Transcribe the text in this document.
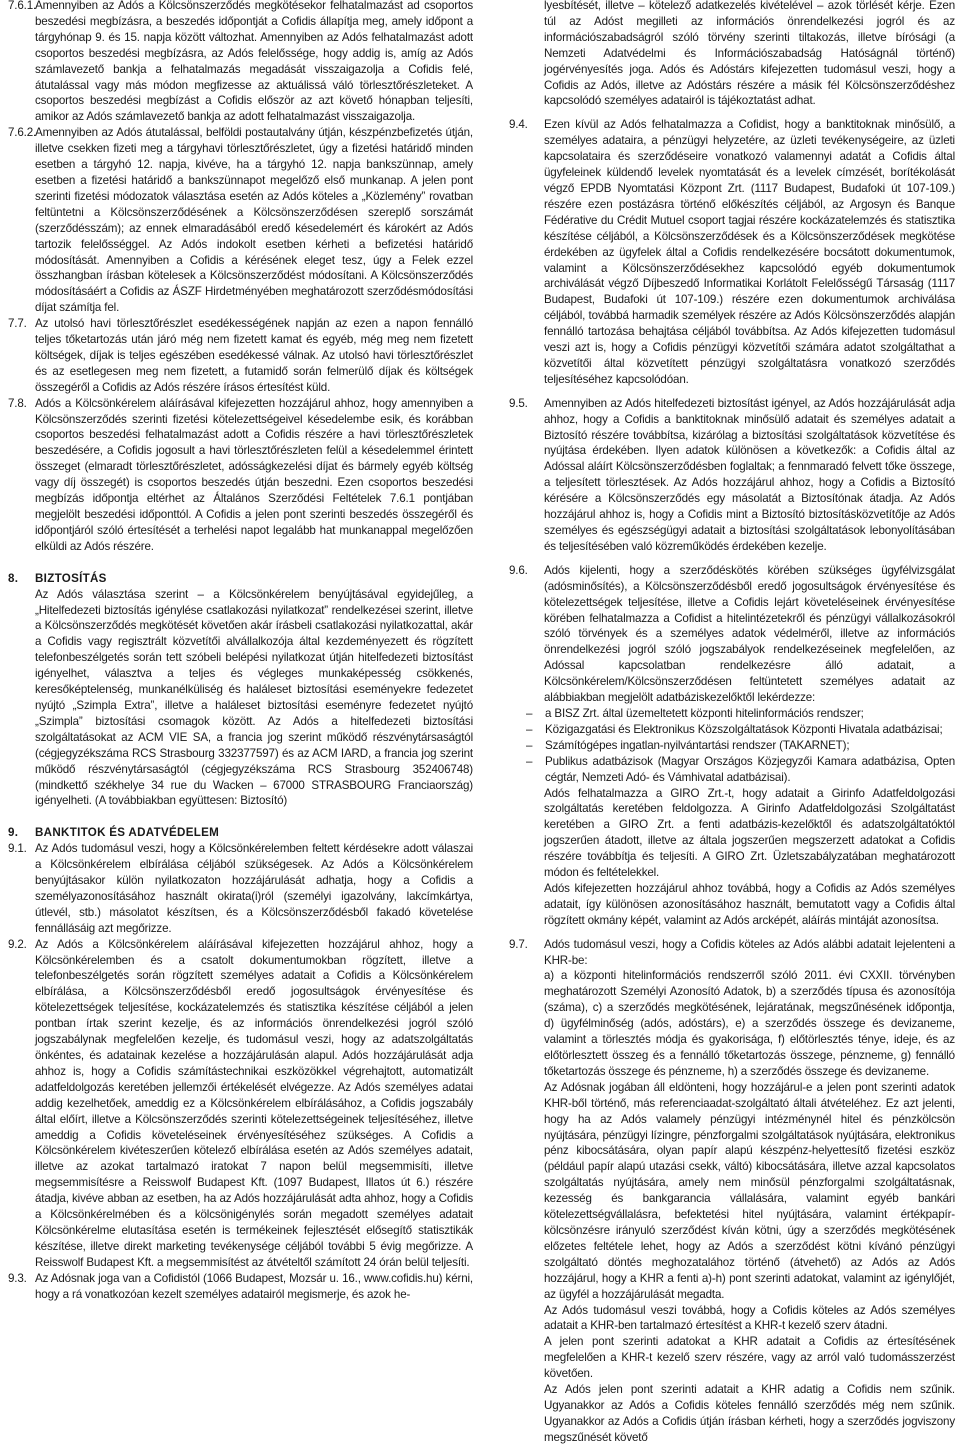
7.6.1.
Amennyiben az Adós a Kölcsönszerződés megkötésekor felhatalmazást ad csoportos beszedési megbízásra, a beszedés időpontját a Cofidis állapítja meg, amely időpont a tárgyhónap 9. és 15. napja között változhat. Amennyiben az Adós felhatalmazást adott csoportos beszedési megbízásra, az Adós felelőssége, hogy addig is, amíg az Adós számlavezető bankja a felhatalmazás megadását visszaigazolja a Cofidis felé, átutalással vagy más módon megfizesse az aktuálissá váló törlesztőrészleteket. A csoportos beszedési megbízást a Cofidis először az azt követő hónapban teljesíti, amikor az Adós számlavezető bankja az adott felhatalmazást visszaigazolja.
7.6.2.
Amennyiben az Adós átutalással, belföldi postautalvány útján, készpénzbefizetés útján, illetve csekken fizeti meg a tárgyhavi törlesztőrészletet, úgy a fizetési határidő minden esetben a tárgyhó 12. napja, kivéve, ha a tárgyhó 12. napja bankszünnap, amely esetben a fizetési határidő a bankszünnapot megelőző első munkanap. A jelen pont szerinti fizetési módozatok választása esetén az Adós köteles a „Közlemény” rovatban feltüntetni a Kölcsönszerződésének a Kölcsönszerződésen szereplő sorszámát (szerződésszám); az ennek elmaradásából eredő késedelemért és károkért az Adós tartozik felelősséggel. Az Adós indokolt esetben kérheti a befizetési határidő módosítását. Amennyiben a Cofidis a kérésének eleget tesz, úgy a Felek ezzel összhangban írásban kötelesek a Kölcsönszerződést módosítani. A Kölcsönszerződés módosításáért a Cofidis az ÁSZF Hirdetményében meghatározott szerződésmódosítási díjat számítja fel.
7.7. Az utolsó havi törlesztőrészlet esedékességének napján az ezen a napon fennálló teljes tőketartozás után járó még nem fizetett kamat és egyéb, még meg nem fizetett költségek, díjak is teljes egészében esedékessé válnak. Az utolsó havi törlesztőrészlet és az esetlegesen meg nem fizetett, a futamidő során felmerülő díjak és költségek összegéről a Cofidis az Adós részére írásos értesítést küld.
7.8. Adós a Kölcsönkérelem aláírásával kifejezetten hozzájárul ahhoz, hogy amennyiben a Kölcsönszerződés szerinti fizetési kötelezettségeivel késedelembe esik, és korábban csoportos beszedési felhatalmazást adott a Cofidis részére a havi törlesztőrészletek beszedésére, a Cofidis jogosult a havi törlesztőrészleten felül a késedelemmel érintett összeget (elmaradt törlesztőrészletet, adósságkezelési díjat és bármely egyéb költség vagy díj összegét) is csoportos beszedés útján beszedni. Ezen csoportos beszedési megbízás időpontja eltérhet az Általános Szerződési Feltételek 7.6.1 pontjában megjelölt beszedési időponttól. A Cofidis a jelen pont szerinti beszedés összegéről és időpontjáról szóló értesítését a terhelési napot legalább hat munkanappal megelőzően elküldi az Adós részére.
8. BIZTOSÍTÁS
Az Adós választása szerint – a Kölcsönkérelem benyújtásával egyidejűleg, a „Hitelfedezeti biztosítás igénylése csatlakozási nyilatkozat” rendelkezései szerint, illetve a Kölcsönszerződés megkötését követően akár írásbeli csatlakozási nyilatkozattal, akár a Cofidis vagy regisztrált közvetítői alvállalkozója által kezdeményezett és rögzített telefonbeszélgetés során tett szóbeli belépési nyilatkozat útján hitelfedezeti biztosítást igényelhet, választva a teljes és végleges munkaképesség csökkenés, keresőképtelenség, munkanélküliség és haláleset biztosítási eseményekre fedezetet nyújtó „Szimpla Extra”, illetve a haláleset biztosítási eseményre fedezetet nyújtó „Szimpla” biztosítási csomagok között. Az Adós a hitelfedezeti biztosítási szolgáltatásokat az ACM VIE SA, a francia jog szerint működő részvénytársaságtól (cégjegyzékszáma RCS Strasbourg 332377597) és az ACM IARD, a francia jog szerint működő részvénytársaságtól (cégjegyzékszáma RCS Strasbourg 352406748) (mindkettő székhelye 34 rue du Wacken – 67000 STRASBOURG Franciaország) igényelheti. (A továbbiakban együttesen: Biztosító)
9. BANKTITOK ÉS ADATVÉDELEM
9.1. Az Adós tudomásul veszi, hogy a Kölcsönkérelemben feltett kérdésekre adott válaszai a Kölcsönkérelem elbírálása céljából szükségesek. Az Adós a Kölcsönkérelem benyújtásakor külön nyilatkozaton hozzájárulását adhatja, hogy a Cofidis a személyazonosításához használt okirata(i)ról (személyi igazolvány, lakcímkártya, útlevél, stb.) másolatot készítsen, és a Kölcsönszerződésből fakadó követelése fennállásáig azt megőrizze.
9.2. Az Adós a Kölcsönkérelem aláírásával kifejezetten hozzájárul ahhoz, hogy a Kölcsönkérelemben és a csatolt dokumentumokban rögzített, illetve a telefonbeszélgetés során rögzített személyes adatait a Cofidis a Kölcsönkérelem elbírálása, a Kölcsönszerződésből eredő jogosultságok érvényesítése és kötelezettségek teljesítése, kockázatelemzés és statisztika készítése céljából a jelen pontban írtak szerint kezelje, és az információs önrendelkezési jogról szóló jogszabálynak megfelelően kezelje, és tudomásul veszi, hogy az adatszolgáltatás önkéntes, és adatainak kezelése a hozzájárulásán alapul. Adós hozzájárulását adja ahhoz is, hogy a Cofidis számítástechnikai eszközökkel végrehajtott, automatizált adatfeldolgozás keretében jellemzői értékelését elvégezze. Az Adós személyes adatai addig kezelhetőek, ameddig ez a Kölcsönkérelem elbírálásához, a Cofidis jogszabály által előírt, illetve a Kölcsönszerződés szerinti kötelezettségeinek teljesítéséhez, illetve ameddig a Cofidis követeléseinek érvényesítéséhez szükséges. A Cofidis a Kölcsönkérelem kivéteszerűen kötelező elbírálása esetén az Adós személyes adatait, illetve az azokat tartalmazó iratokat 7 napon belül megsemmisíti, illetve megsemmisítésre a Reisswolf Budapest Kft. (1097 Budapest, Illatos út 6.) részére átadja, kivéve abban az esetben, ha az Adós hozzájárulását adta ahhoz, hogy a Cofidis a Kölcsönkérelmében és a kölcsönigénylés során megadott személyes adatait Kölcsönkérelme elutasítása esetén is termékeinek fejlesztését elősegítő statisztikák készítése, illetve direkt marketing tevékenysége céljából további 5 évig megőrizze. A Reisswolf Budapest Kft. a megsemmisítést az átvételtől számított 24 órán belül teljesíti.
9.3. Az Adósnak joga van a Cofidistól (1066 Budapest, Mozsár u. 16., www.cofidis.hu) kérni, hogy a rá vonatkozóan kezelt személyes adatairól megismerje, és azok he-
lyesbítését, illetve – kötelező adatkezelés kivételével – azok törlését kérje. Ezen túl az Adóst megilleti az információs önrendelkezési jogról és az információszabadságról szóló törvény szerinti tiltakozás, illetve bírósági (a Nemzeti Adatvédelmi és Információszabadság Hatóságnál történő) jogérvényesítés joga. Adós és Adóstárs kifejezetten tudomásul veszi, hogy a Cofidis az Adós, illetve az Adóstárs részére a másik fél Kölcsönszerződéshez kapcsolódó személyes adatairól is tájékoztatást adhat.
9.4. Ezen kívül az Adós felhatalmazza a Cofidist, hogy a banktitoknak minősülő, a személyes adataira, a pénzügyi helyzetére, az üzleti tevékenységeire, az üzleti kapcsolataira és szerződéseire vonatkozó valamennyi adatát a Cofidis által ügyfeleinek küldendő levelek nyomtatását és a levelek címzését, borítékolását végző EPDB Nyomtatási Központ Zrt. (1117 Budapest, Budafoki út 107-109.) részére ezen postázásra történő előkészítés céljából, az Argosyn és Banque Fédérative du Crédit Mutuel csoport tagjai részére kockázatelemzés és statisztika készítése céljából, a Kölcsönszerződések és a Kölcsönszerződések megkötése érdekében az ügyfelek által a Cofidis rendelkezésére bocsátott dokumentumok, valamint a Kölcsönszerződésekhez kapcsolódó egyéb dokumentumok archiválását végző Díjbeszedő Informatikai Korlátolt Felelősségű Társaság (1117 Budapest, Budafoki út 107-109.) részére ezen dokumentumok archiválása céljából, továbbá harmadik személyek részére az Adós Kölcsönszerződés alapján fennálló tartozása behajtása céljából továbbítsa. Az Adós kifejezetten tudomásul veszi azt is, hogy a Cofidis pénzügyi közvetítői számára adatot szolgáltathat a közvetítői által közvetített pénzügyi szolgáltatásra vonatkozó szerződés teljesítéséhez kapcsolódóan.
9.5. Amennyiben az Adós hitelfedezeti biztosítást igényel, az Adós hozzájárulását adja ahhoz, hogy a Cofidis a banktitoknak minősülő adatait és személyes adatait a Biztosító részére továbbítsa, kizárólag a biztosítási szolgáltatások közvetítése és nyújtása érdekében. Ilyen adatok különösen a következők: a Cofidis által az Adóssal aláírt Kölcsönszerződésben foglaltak; a fennmaradó felvett tőke összege, a teljesített törlesztések. Az Adós hozzájárul ahhoz, hogy a Cofidis a Biztosító kérésére a Kölcsönszerződés egy másolatát a Biztosítónak átadja. Az Adós hozzájárul ahhoz is, hogy a Cofidis mint a Biztosító biztosításközvetítője az Adós személyes és egészségügyi adatait a biztosítási szolgáltatások lebonyolításában és teljesítésében való közreműködés érdekében kezelje.
9.6. Adós kijelenti, hogy a szerződéskötés körében szükséges ügyfélvizsgálat (adósminősítés), a Kölcsönszerződésből eredő jogosultságok érvényesítése és kötelezettségek teljesítése, illetve a Cofidis lejárt követeléseinek érvényesítése körében felhatalmazza a Cofidist a hitelintézetekről és pénzügyi vállalkozásokról szóló törvények és a személyes adatok védelméről, illetve az információs önrendelkezési jogról szóló jogszabályok rendelkezéseinek megfelelően, az Adóssal kapcsolatban rendelkezésre álló adatait, a Kölcsönkérelem/Kölcsönszerződésen feltüntetett személyes adatait az alábbiakban megjelölt adatbáziskezelőktől lekérdezze:
– a BISZ Zrt. által üzemeltetett központi hitelinformációs rendszer;
– Közigazgatási és Elektronikus Közszolgáltatások Központi Hivatala adatbázisai;
– Számítógépes ingatlan-nyilvántartási rendszer (TAKARNET);
– Publikus adatbázisok (Magyar Országos Közjegyzői Kamara adatbázisa, Opten cégtár, Nemzeti Adó- és Vámhivatal adatbázisai).
Adós felhatalmazza a GIRO Zrt.-t, hogy adatait a Girinfo Adatfeldolgozási szolgáltatás keretében feldolgozza. A Girinfo Adatfeldolgozási Szolgáltatást keretében a GIRO Zrt. a fenti adatbázis-kezelőktől és adatszolgáltatóktól jogszerűen átadott, illetve az általa jogszerűen megszerzett adatokat a Cofidis részére továbbítja és teljesíti. A GIRO Zrt. Üzletszabályzatában meghatározott módon és feltételekkel.
Adós kifejezetten hozzájárul ahhoz továbbá, hogy a Cofidis az Adós személyes adatait, így különösen azonosításához használt, bemutatott vagy a Cofidis által rögzített okmány képét, valamint az Adós arcképét, aláírás mintáját azonosítsa.
9.7. Adós tudomásul veszi, hogy a Cofidis köteles az Adós alábbi adatait lejelenteni a KHR-be:
a) a központi hitelinformációs rendszerről szóló 2011. évi CXXII. törvényben meghatározott Személyi Azonosító Adatok, b) a szerződés típusa és azonosítója (száma), c) a szerződés megkötésének, lejáratának, megszűnésének időpontja, d) ügyfélminőség (adós, adóstárs), e) a szerződés összege és devizaneme, valamint a törlesztés módja és gyakorisága, f) előtörlesztés ténye, ideje, és az előtörlesztett összeg és a fennálló tőketartozás összege, pénzneme, g) fennálló tőketartozás összege és pénzneme, h) a szerződés összege és devizaneme.
Az Adósnak jogában áll eldönteni, hogy hozzájárul-e a jelen pont szerinti adatok KHR-ből történő, más referenciaadat-szolgáltató általi átvételéhez. Ez azt jelenti, hogy ha az Adós valamely pénzügyi intézménynél hitel és pénzkölcsön nyújtására, pénzügyi lízingre, pénzforgalmi szolgáltatások nyújtására, elektronikus pénz kibocsátására, olyan papír alapú készpénz-helyettesítő fizetési eszköz (például papír alapú utazási csekk, váltó) kibocsátására, illetve azzal kapcsolatos szolgáltatás nyújtására, amely nem minősül pénzforgalmi szolgáltatásnak, kezesség és bankgarancia vállalására, valamint egyéb bankári kötelezettségvállalásra, befektetési hitel nyújtására, valamint értékpapír-kölcsönzésre irányuló szerződést kíván kötni, úgy a szerződés megkötésének előzetes feltétele lehet, hogy az Adós a szerződést kötni kívánó pénzügyi szolgáltató döntés meghozatalához történő (átvehető) az Adós az Adós hozzájárul, hogy a KHR a fenti a)-h) pont szerinti adatokat, valamint az igénylőjét, az ügyfél a hozzájárulását megadta.
Az Adós tudomásul veszi továbbá, hogy a Cofidis köteles az Adós személyes adatait a KHR-ben tartalmazó értesítést a KHR-t kezelő szerv átadni.
A jelen pont szerinti adatokat a KHR adatait a Cofidis az értesítésének megfelelően a KHR-t kezelő szerv részére, vagy az arról való tudomásszerzést követően.
Az Adós jelen pont szerinti adatait a KHR adatig a Cofidis nem szűnik. Ugyanakkor az Adós a Cofidis köteles fennálló szerződés még nem szűnik. Ugyanakkor az Adós a Cofidis útján írásban kérheti, hogy a szerződés jogviszony megszűnését követő
